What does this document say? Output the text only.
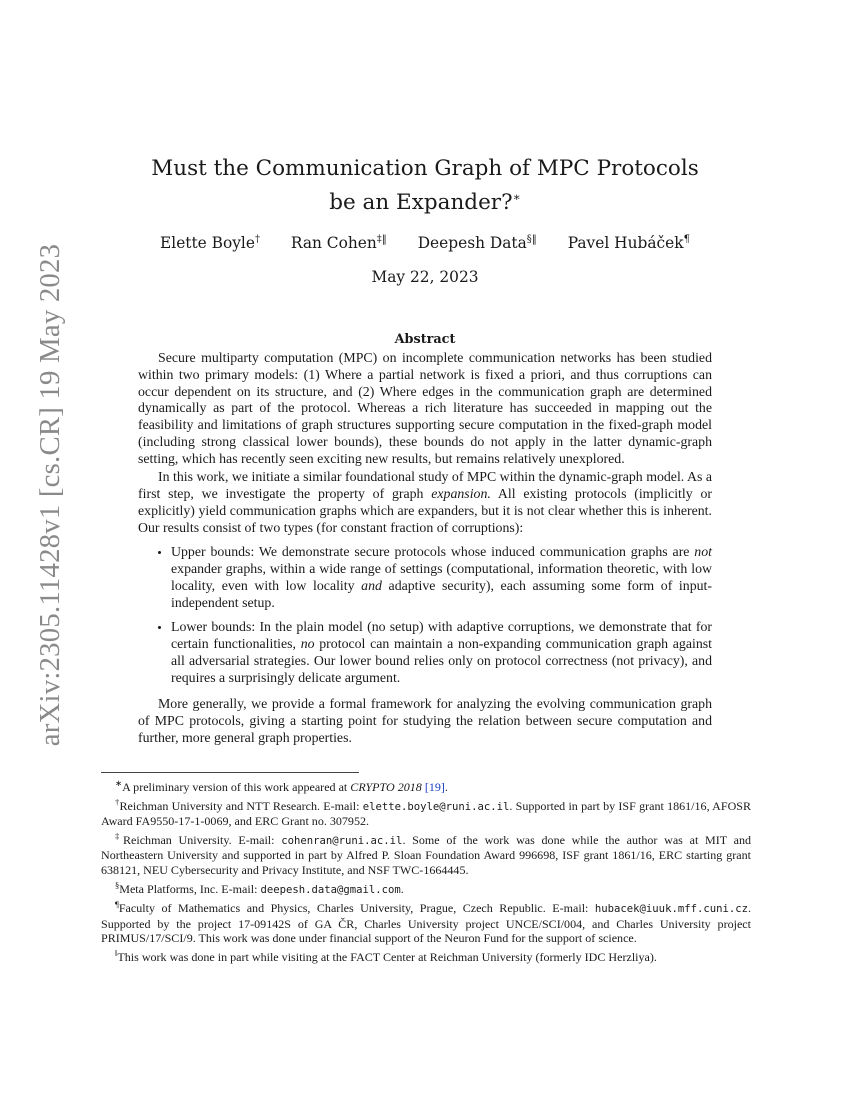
arXiv:2305.11428v1 [cs.CR] 19 May 2023
Must the Communication Graph of MPC Protocols
be an Expander?∗
Elette Boyle† Ran Cohen‡‖ Deepesh Data§‖ Pavel Hubáček¶
May 22, 2023
Abstract

Secure multiparty computation (MPC) on incomplete communication networks has been studied within two primary models: (1) Where a partial network is fixed a priori, and thus corruptions can occur dependent on its structure, and (2) Where edges in the communication graph are determined dynamically as part of the protocol. Whereas a rich literature has succeeded in mapping out the feasibility and limitations of graph structures supporting secure computation in the fixed-graph model (including strong classical lower bounds), these bounds do not apply in the latter dynamic-graph setting, which has recently seen exciting new results, but remains relatively unexplored.

In this work, we initiate a similar foundational study of MPC within the dynamic-graph model. As a first step, we investigate the property of graph expansion. All existing protocols (implicitly or explicitly) yield communication graphs which are expanders, but it is not clear whether this is inherent. Our results consist of two types (for constant fraction of corruptions):

• Upper bounds: We demonstrate secure protocols whose induced communication graphs are not expander graphs, within a wide range of settings (computational, information theoretic, with low locality, even with low locality and adaptive security), each assuming some form of input-independent setup.
• Lower bounds: In the plain model (no setup) with adaptive corruptions, we demonstrate that for certain functionalities, no protocol can maintain a non-expanding communication graph against all adversarial strategies. Our lower bound relies only on protocol correctness (not privacy), and requires a surprisingly delicate argument.

More generally, we provide a formal framework for analyzing the evolving communication graph of MPC protocols, giving a starting point for studying the relation between secure computation and further, more general graph properties.

∗A preliminary version of this work appeared at CRYPTO 2018 [19].

†Reichman University and NTT Research. E-mail: elette.boyle@runi.ac.il. Supported in part by ISF grant 1861/16, AFOSR Award FA9550-17-1-0069, and ERC Grant no. 307952.

‡Reichman University. E-mail: cohenran@runi.ac.il. Some of the work was done while the author was at MIT and Northeastern University and supported in part by Alfred P. Sloan Foundation Award 996698, ISF grant 1861/16, ERC starting grant 638121, NEU Cybersecurity and Privacy Institute, and NSF TWC-1664445.

§Meta Platforms, Inc. E-mail: deepesh.data@gmail.com.

¶Faculty of Mathematics and Physics, Charles University, Prague, Czech Republic. E-mail: hubacek@iuuk.mff.cuni.cz. Supported by the project 17-09142S of GA ČR, Charles University project UNCE/SCI/004, and Charles University project PRIMUS/17/SCI/9. This work was done under financial support of the Neuron Fund for the support of science.

‖This work was done in part while visiting at the FACT Center at Reichman University (formerly IDC Herzliya).
